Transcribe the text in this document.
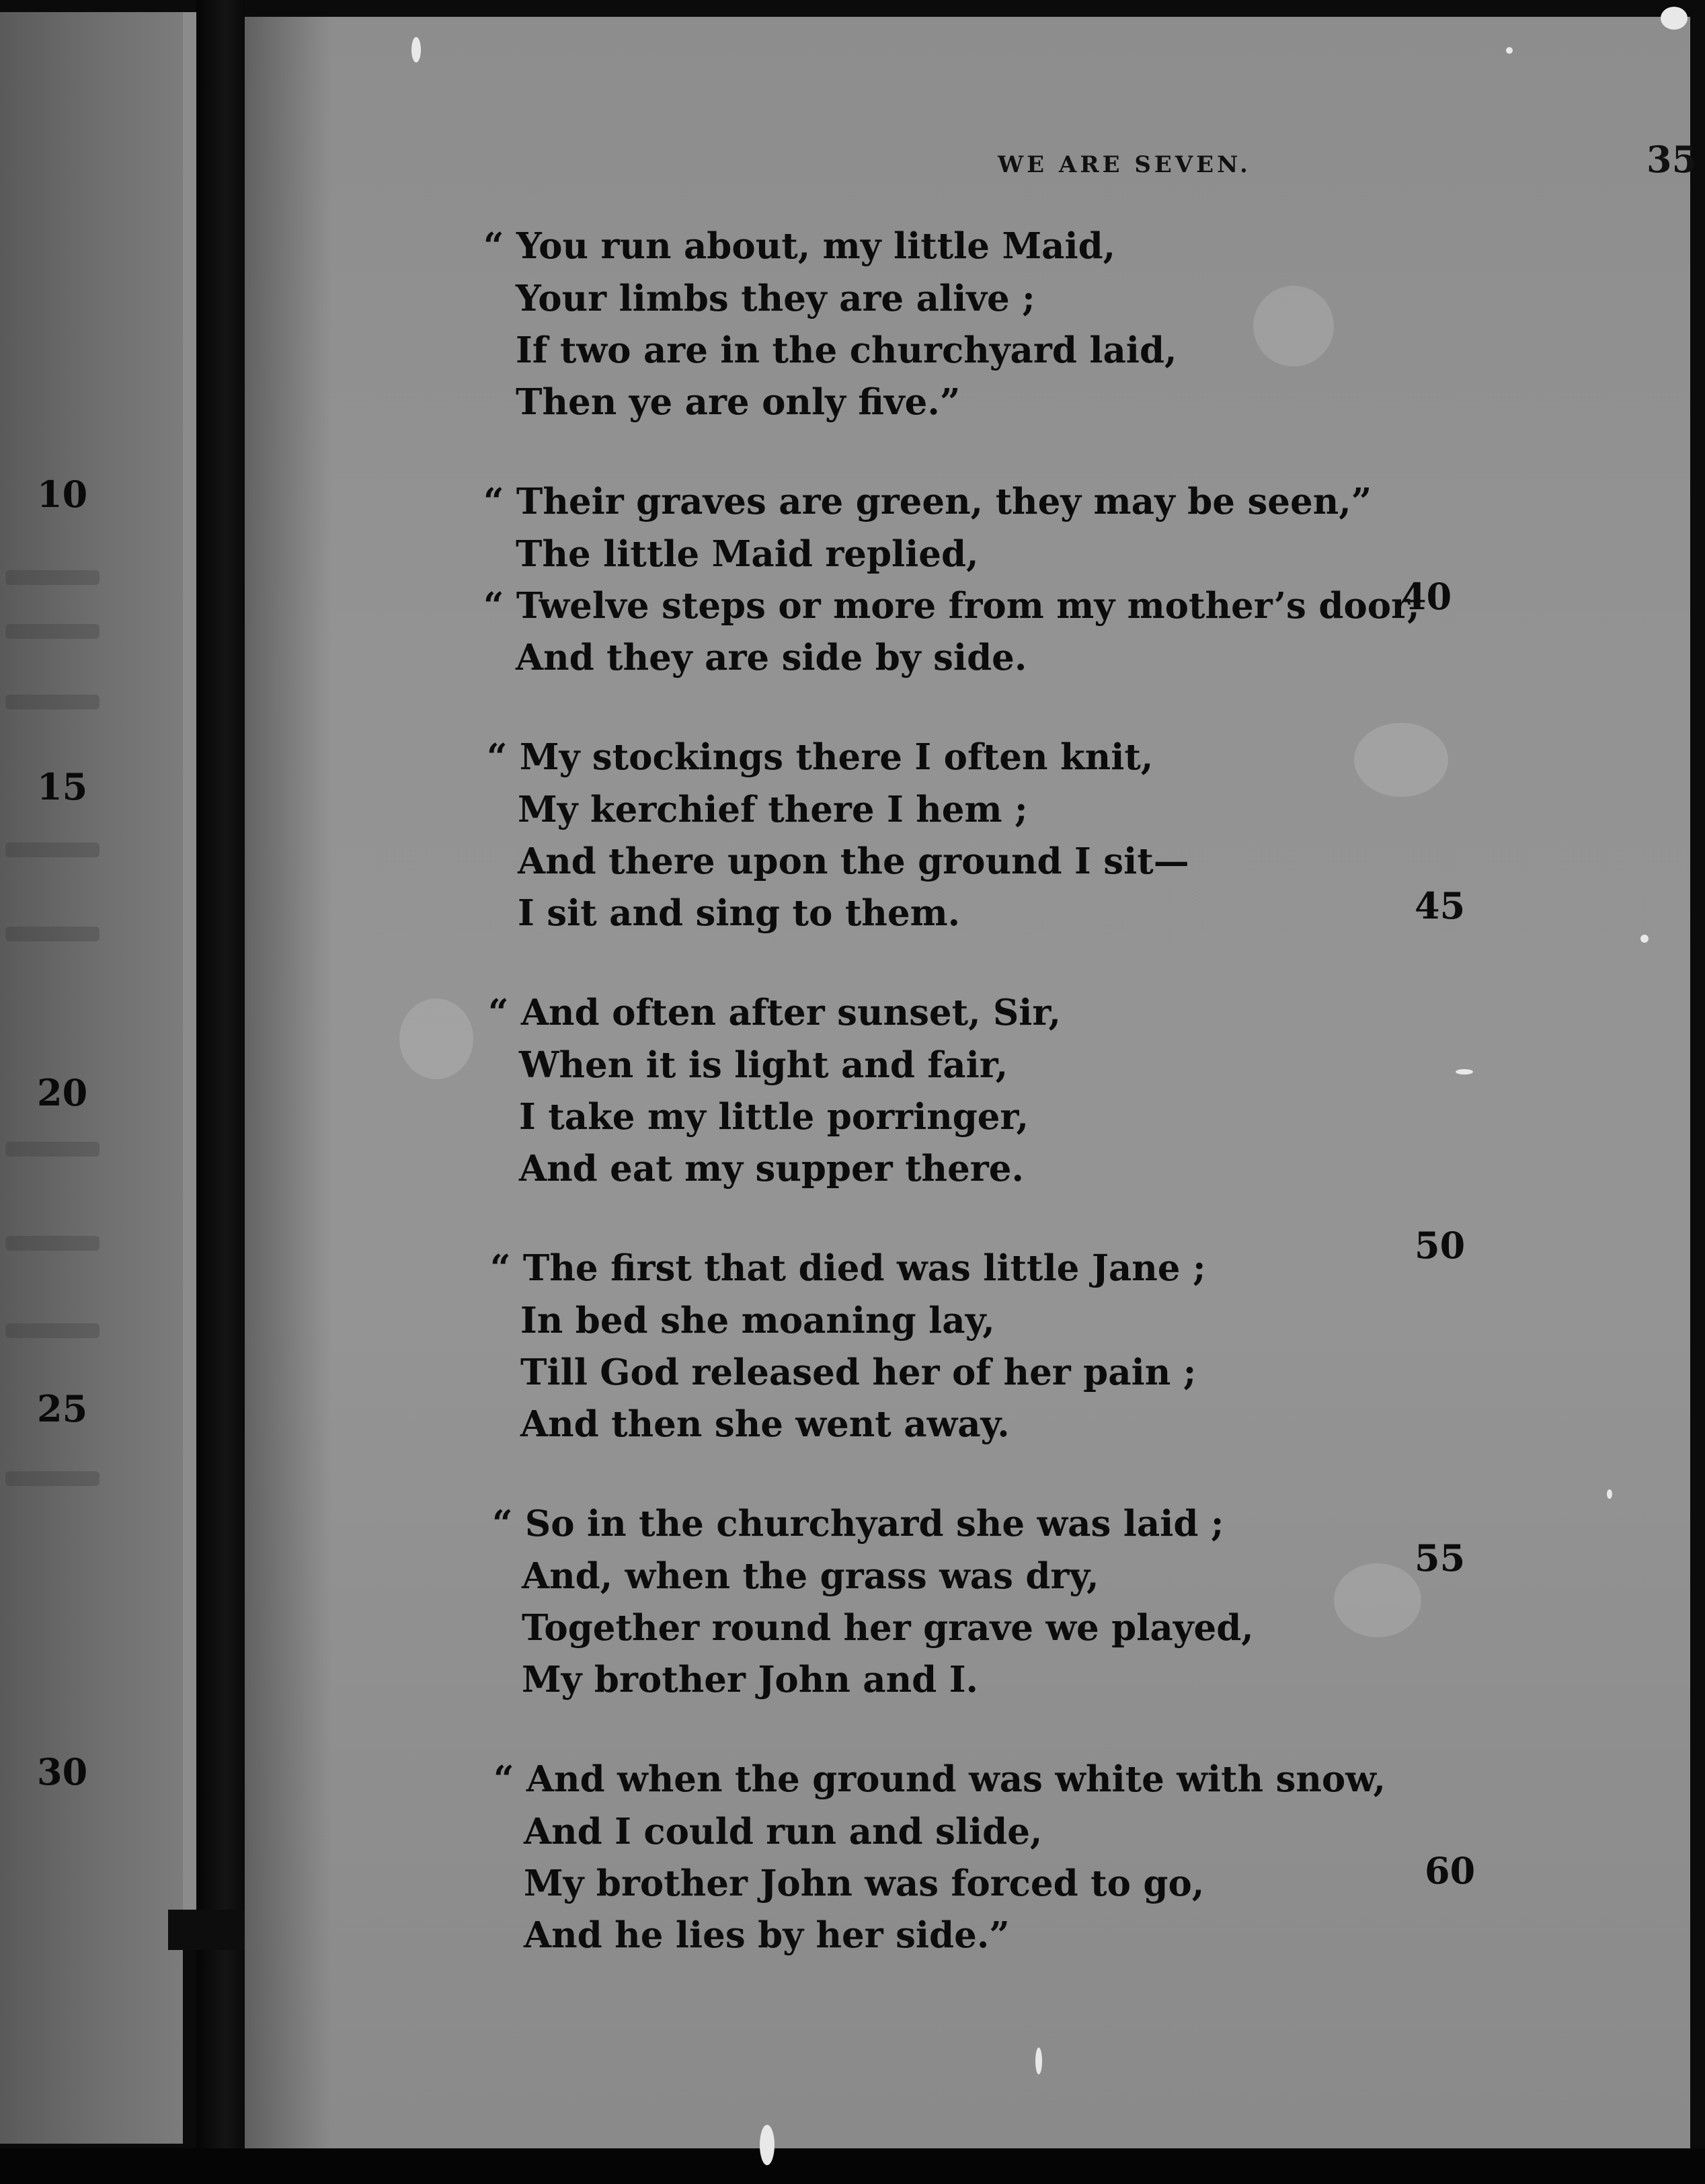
10
15
20
25
30
WE ARE SEVEN.	35
“ You run about, my little Maid,
Your limbs they are alive ;
If two are in the churchyard laid,
Then ye are only five.”
“ Their graves are green, they may be seen,”
The little Maid replied,
“ Twelve steps or more from my mother’s door,
And they are side by side.
“ My stockings there I often knit,
My kerchief there I hem ;
And there upon the ground I sit—
I sit and sing to them.
“ And often after sunset, Sir,
When it is light and fair,
I take my little porringer,
And eat my supper there.
“ The first that died was little Jane ;
In bed she moaning lay,
Till God released her of her pain ;
And then she went away.
“ So in the churchyard she was laid ;
And, when the grass was dry,
Together round her grave we played,
My brother John and I.
“ And when the ground was white with snow,
And I could run and slide,
My brother John was forced to go,
And he lies by her side.”
40
45
50
55
60
